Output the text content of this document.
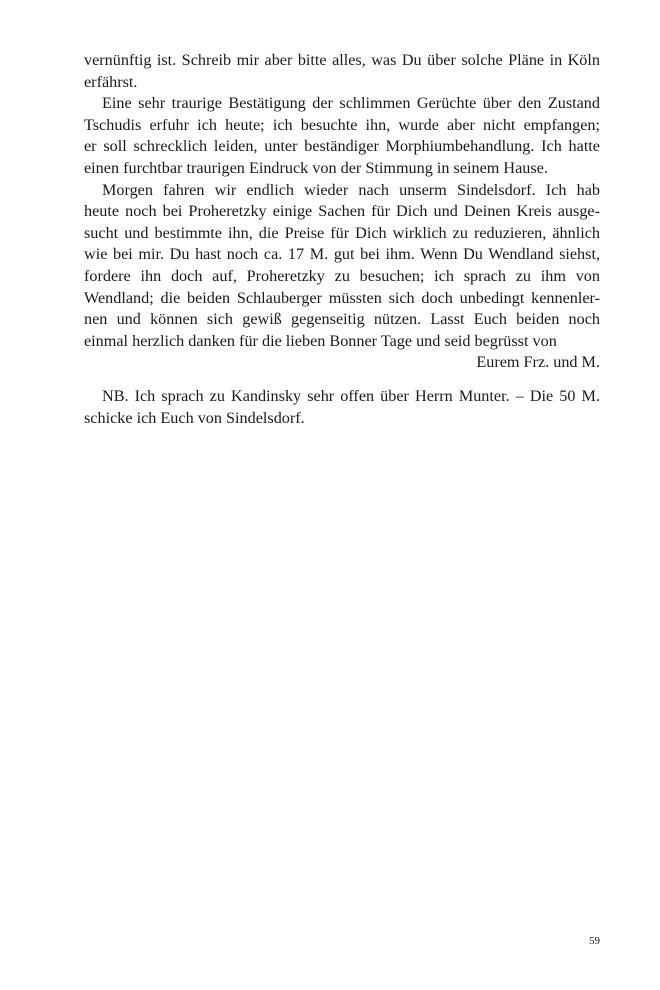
vernünftig ist. Schreib mir aber bitte alles, was Du über solche Pläne in Köln
erfährst.
Eine sehr traurige Bestätigung der schlimmen Gerüchte über den Zustand
Tschudis erfuhr ich heute; ich besuchte ihn, wurde aber nicht empfangen;
er soll schrecklich leiden, unter beständiger Morphiumbehandlung. Ich hatte
einen furchtbar traurigen Eindruck von der Stimmung in seinem Hause.
Morgen fahren wir endlich wieder nach unserm Sindelsdorf. Ich hab
heute noch bei Proheretzky einige Sachen für Dich und Deinen Kreis ausge-
sucht und bestimmte ihn, die Preise für Dich wirklich zu reduzieren, ähnlich
wie bei mir. Du hast noch ca. 17 M. gut bei ihm. Wenn Du Wendland siehst,
fordere ihn doch auf, Proheretzky zu besuchen; ich sprach zu ihm von
Wendland; die beiden Schlauberger müssten sich doch unbedingt kennenler-
nen und können sich gewiß gegenseitig nützen. Lasst Euch beiden noch
einmal herzlich danken für die lieben Bonner Tage und seid begrüsst von
Eurem Frz. und M.
NB. Ich sprach zu Kandinsky sehr offen über Herrn Munter. – Die 50 M.
schicke ich Euch von Sindelsdorf.
59
